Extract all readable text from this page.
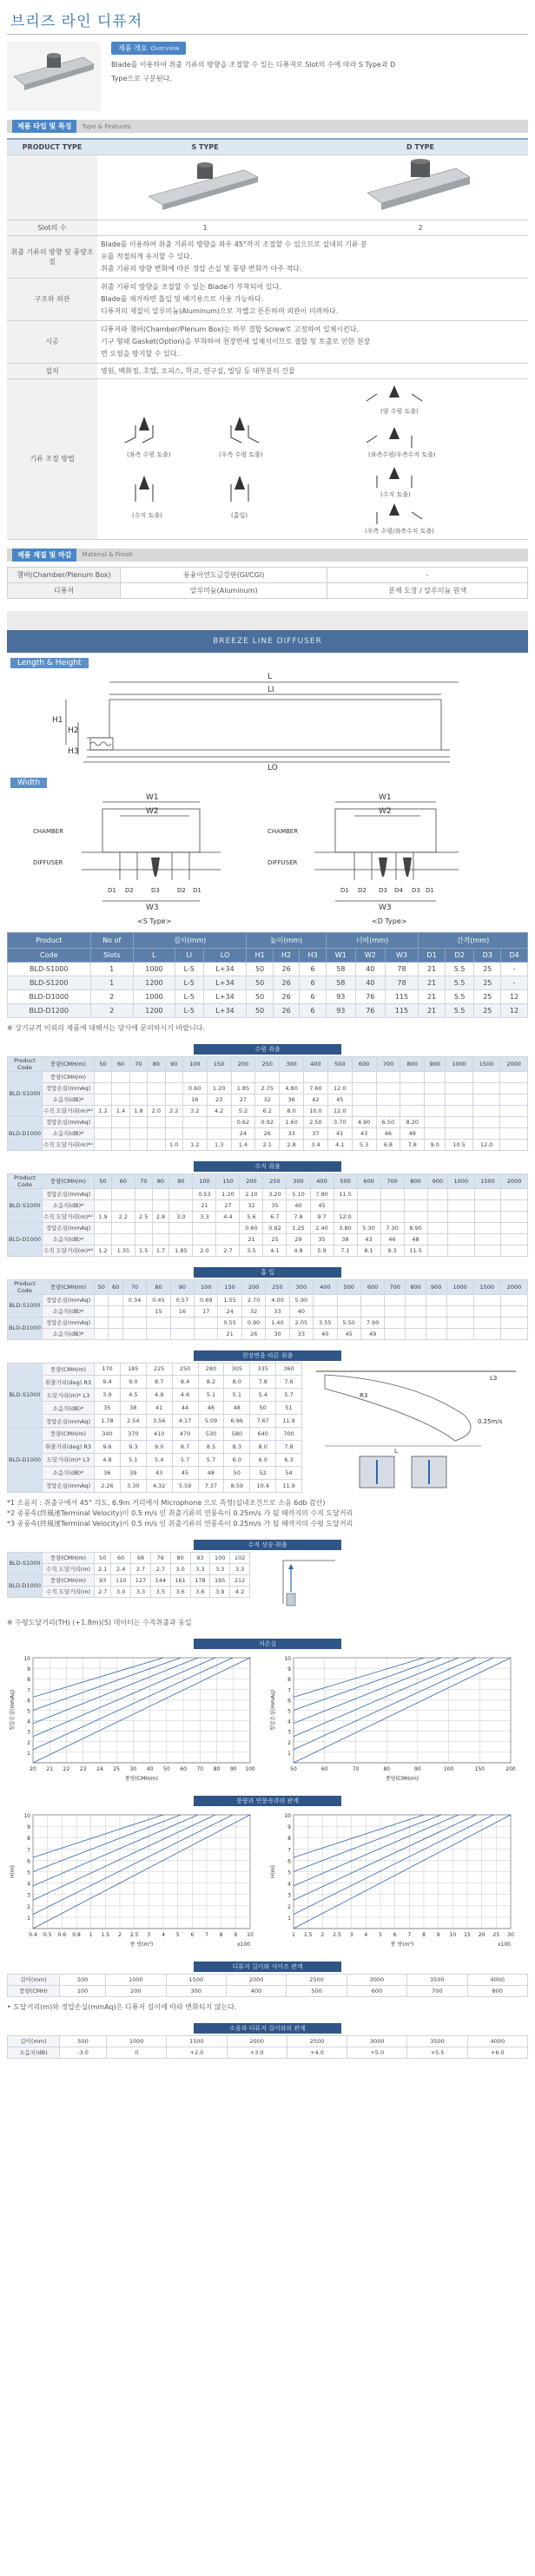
브리즈 라인 디퓨저
제품 개요 Overview
Blade를 이용하여 취출 기류의 방향을 조절할 수 있는 디퓨져로 Slot의 수에 따라 S Type과 D
Type으로 구분된다.
제품 타입 및 특징	Type & Features
PRODUCT TYPE	S TYPE	D TYPE

Slot의 수	1	2
취출 기류의 방향 및 풍량조절	Blade를 이용하여 취출 기류의 방향을 좌우 45°까지 조절할 수 있으므로 실내의 기류 분
포를 적절하게 유지할 수 있다.
취출 기류의 방향 변화에 따른 정압 손실 및 풍량 변화가 아주 적다.	

구조와 외관	취출 기류의 방향을 조절할 수 있는 Blade가 부착되어 있다.
Blade를 제거하면 흡입 및 배기용으로 사용 가능하다.
디퓨저의 재질이 알루미늄(Aluminum)으로 가볍고 튼튼하며 외관이 미려하다.	

시공	디퓨저와 챔버(Chamber/Plenum Box)는 하부 결합 Screw로 고정하여 일체시킨다.
기구 형태 Gasket(Option)을 부착하여 천장면에 일체식이므로 결합 및 토출로 인한 천장
면 오염을 방지할 수 있다.	

설치	병원, 백화점, 호텔, 오피스, 학교, 연구실, 빌딩 등 대부분의 건물	
기류 조절 방법	(좌측 수평 토출) (우측 수평 토출)
(수직 토출) (흡입)	(양 수평 토출)
(좌측수평/우측수직 토출)
(수직 토출)
(우측 수평/좌측수직 토출)
제품 재질 및 마감	Material & Finish
챔버(Chamber/Plenum Box)	용융아연도금강판(GI/CGI)	-
디퓨저	알루미늄(Aluminum)	분체 도장 / 알루미늄 원색
BREEZE LINE DIFFUSER
Length & Height
L
LI
LO
H1
H2
H3
Width
W1
W2
W3
W1
W2
W3
CHAMBER
DIFFUSER
CHAMBER
DIFFUSER
D1 D2	D3	D2 D1	D1 D2 D3 D4 D3 D1
<S Type>	<D Type>
Product	No of	길이(mm)			높이(mm)			너비(mm)			간격(mm)			
Code	Slots	L	LI	LO	H1	H2	H3	W1	W2	W3	D1	D2	D3	D4
BLD-S1000	1	1000	L-5	L+34	50	26	6	58	40	78	21	5.5	25	-
BLD-S1200	1	1200	L-5	L+34	50	26	6	58	40	78	21	5.5	25	-
BLD-D1000	2	1000	L-5	L+34	50	26	6	93	76	115	21	5.5	25	12
BLD-D1200	2	1200	L-5	L+34	50	26	6	93	76	115	21	5.5	25	12
※ 상기규격 이외의 제품에 대해서는 당사에 문의하시기 바랍니다.
수평 취출
Product Code	풍량(CMH/m)	50	60	70	80	90	100	150	200	250	300	400	500	600	700	800	900	1000	1500	2000
BLD-S1000	풍량(CMH/m)																			
	정압손실(mmAq)						0.60	1.20	1.85	2.75	4.80	7.60	12.0							
	소음치(dB)*						16	23	27	32	36	42	45							
	수직 도달거리(m)*²	1.2	1.4	1.8	2.0	2.2	3.2	4.2	5.2	6.2	8.0	10.0	12.0							
BLD-D1000	정압손실(mmAq)								0.62	0.92	1.60	2.50	3.70	4.90	6.50	8.20				
	소음치(dB)*								24	26	33	37	41	43	46	48				
	수직 도달거리(m)*²					1.0	1.2	1.3	1.4	2.1	2.8	3.4	4.1	5.3	6.8	7.8	9.0	10.5	12.0	
수직 취출
Product Code	풍량(CMH/m)	50	60	70	80	90	100	150	200	250	300	400	500	600	700	800	900	1000	1500	2000
BLD-S1000	정압손실(mmAq)						0.53	1.20	2.10	3.20	5.10	7.90	11.5							
	소음치(dB)*						21	27	32	35	40	45								
	수직 도달거리(m)*²	1.9	2.2	2.5	2.8	3.0	3.3	4.4	5.6	6.7	7.8	9.7	12.0							
BLD-D1000	정압손실(mmAq)								0.60	0.92	1.25	2.40	3.80	5.30	7.30	8.90				
	소음치(dB)*								21	25	29	35	38	43	46	48				
	수직 도달거리(m)*²	1.2	1.35	1.5	1.7	1.85	2.0	2.7	3.5	4.1	4.8	5.9	7.1	8.1	9.3	11.5				
흡 입
Product Code	풍량(CMH/m)	50	60	70	80	90	100	150	200	250	300	400	500	600	700	800	900	1000	1500	2000
BLD-S1000	정압손실(mmAq)			0.34	0.45	0.57	0.69	1.55	2.70	4.00	5.90									
	소음치(dB)*				15	16	17	24	32	33	40									
BLD-D1000	정압손실(mmAq)							0.55	0.90	1.40	2.05	3.55	5.50	7.90						
	소음치(dB)*							21	26	30	33	40	45	49						
천장면을 따른 취출
BLD-S1000	풍량(CMH/m)	170	185	225	250	280	305	335	360
	취출거리(deg) R3	9.4	9.0	8.7	8.4	8.2	8.0	7.8	7.6
	도달거리(m)* L3	3.9	4.5	4.9	4.6	5.1	5.1	5.4	5.7
	소음치(dB)*	35	38	41	44	46	48	50	51
	정압손실(mmAq)	1.78	2.54	3.56	4.17	5.09	6.96	7.67	11.9
BLD-D1000	풍량(CMH/m)	340	370	410	470	530	580	640	700
	취출거리(deg) R3	9.6	9.3	9.0	8.7	8.5	8.3	8.0	7.8
	도달거리(m)* L3	4.8	5.1	5.4	5.7	5.7	6.0	6.0	6.3
	소음치(dB)*	36	39	43	45	48	50	52	54
	정압손실(mmAq)	2.26	3.30	4.32	5.59	7.37	8.59	10.4	11.9
L
R3
0.25m/s
L3
*1 소음치 : 취출구에서 45° 각도, 6.9m 거리에서 Microphone 으로 측정(실내조건으로 소음 6db 감산)
*2 종풍속(終風速Terminal Velocity)이 0.5 m/s 인 취출기류의 연풍속이 0.25m/s 가 될 때까지의 수직 도달거리
*3 종풍속(終風速Terminal Velocity)이 0.5 m/s 인 취출기류의 연풍속이 0.25m/s 가 될 때까지의 수평 도달거리
수직 상승 취출
BLD-S1000	풍량(CMH/m)	50	60	68	76	80	93	100	102
	수직 도달거리(m)	2.1	2.4	2.7	2.7	3.0	3.3	3.3	3.3
BLD-D1000	풍량(CMH/m)	93	110	127	144	161	178	195	212
	수직 도달거리(m)	2.7	3.0	3.3	3.5	3.6	3.6	3.9	4.2
※ 수평도달거리(TH) (+1.8m)(S) 데이터는 수직취출과 동일
저손실
1
2
3
4
5
6
7
8
9
10
20 21 22 23 24 25 30 40 50 60 70 80 90 100
정압손실(mmAq)
풍량(CMH/m)
1
2
3
4
5
6
7
8
9
10
50	60	70	80	90	100	150	200
정압손실(mmAq)
풍량(CMH/m)
풍량과 연풍속과의 관계
1
2
3
4
5
6
7
8
9
10
0.4 0.5 0.6 0.8 1 1.5 2 2.5 3 4 5 6 7 8 9 10
H(m)
풍 량(m³)	x100
1
2
3
4
5
6
7
8
9
10
1 1.5 2 2.5 3 4 5 6 7 8 9 10 15 20 25 30
H(m)
풍 량(m³)	x100
디퓨저 길이와 사이즈 관계
길이(mm)	500	1000	1500	2000	2500	3000	3500	4000
풍량(CMH)	100	200	300	400	500	600	700	800
• 도달거리(m)와 정압손실(mmAq)은 디퓨저 길이에 따라 변화되지 않는다.
소음과 디퓨저 길이와의 관계
길이(mm)	500	1000	1500	2000	2500	3000	3500	4000
소음치(dB)	-3.0	0	+2.0	+3.0	+4.0	+5.0	+5.5	+6.0
